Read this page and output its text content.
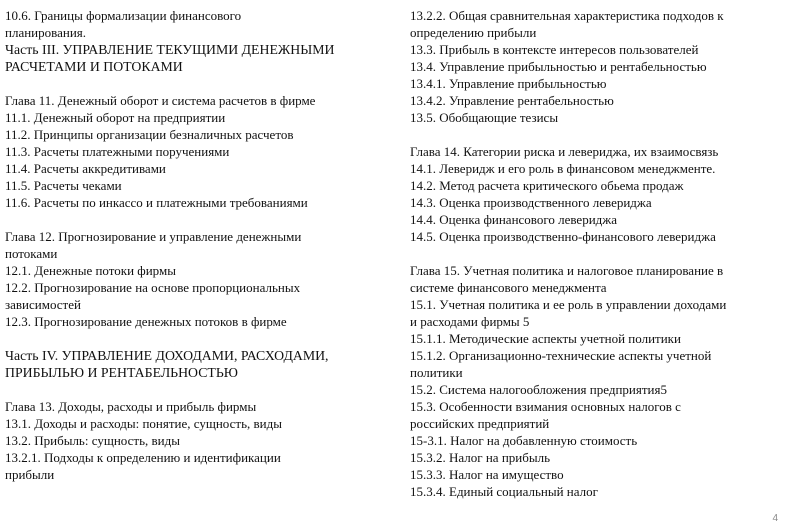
10.6. Границы формализации финансового
планирования.
Часть III. УПРАВЛЕНИЕ ТЕКУЩИМИ ДЕНЕЖНЫМИ
РАСЧЕТАМИ И ПОТОКАМИ
Глава 11. Денежный оборот и система расчетов в фирме
11.1. Денежный оборот на предприятии
11.2. Принципы организации безналичных расчетов
11.3. Расчеты платежными поручениями
11.4. Расчеты аккредитивами
11.5. Расчеты чеками
11.6. Расчеты по инкассо и платежными требованиями
Глава 12. Прогнозирование и управление денежными
потоками
12.1. Денежные потоки фирмы
12.2. Прогнозирование на основе пропорциональных
зависимостей
12.3. Прогнозирование денежных потоков в фирме
Часть IV. УПРАВЛЕНИЕ ДОХОДАМИ, РАСХОДАМИ,
ПРИБЫЛЬЮ И РЕНТАБЕЛЬНОСТЬЮ
Глава 13. Доходы, расходы и прибыль фирмы
13.1. Доходы и расходы: понятие, сущность, виды
13.2. Прибыль: сущность, виды
13.2.1. Подходы к определению и идентификации
прибыли
13.2.2. Общая сравнительная характеристика подходов к
определению прибыли
13.3. Прибыль в контексте интересов пользователей
13.4. Управление прибыльностью и рентабельностью
13.4.1. Управление прибыльностью
13.4.2. Управление рентабельностью
13.5. Обобщающие тезисы
Глава 14. Категории риска и левериджа, их взаимосвязь
14.1. Леверидж и его роль в финансовом менеджменте.
14.2. Метод расчета критического обьема продаж
14.3. Оценка производственного левериджа
14.4. Оценка финансового левериджа
14.5. Оценка производственно-финансового левериджа
Глава 15. Учетная политика и налоговое планирование в
системе финансового менеджмента
15.1. Учетная политика и ее роль в управлении доходами
и расходами фирмы 5
15.1.1. Методические аспекты учетной политики
15.1.2. Организационно-технические аспекты учетной
политики
15.2. Система налогообложения предприятия5
15.3. Особенности взимания основных налогов с
российских предприятий
15-3.1. Налог на добавленную стоимость
15.3.2. Налог на прибыль
15.3.3. Налог на имущество
15.3.4. Единый социальный налог
4
